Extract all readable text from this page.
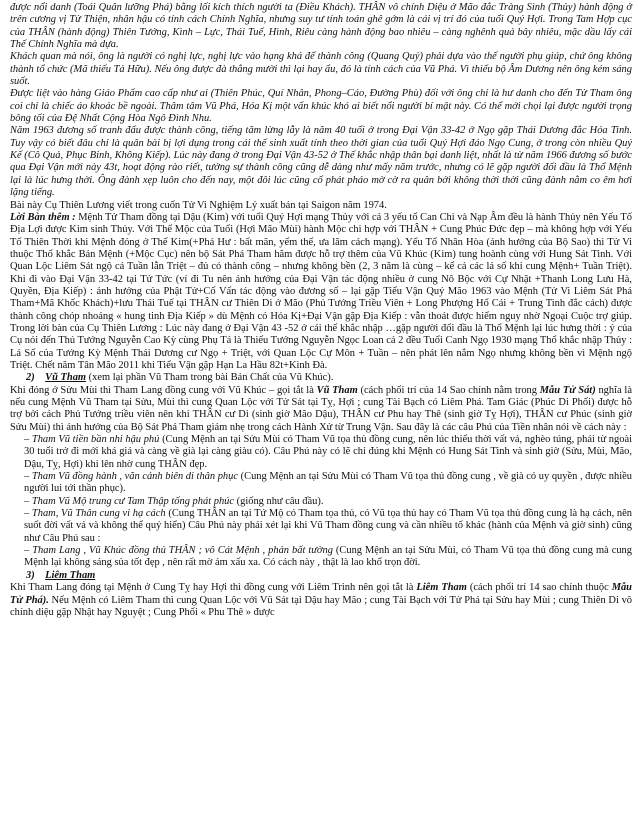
được nổi danh (Toái Quân lưỡng Phá) bằng lối kích thích người ta (Điều Khách). THÂN vô chính Diệu ở Mão đắc Tràng Sinh (Thủy) hành động ở trên cương vị Tử Thiện, nhân hậu có tính cách Chính Nghĩa, nhưng suy tư tính toán ghê gớm là cái vị trí đó của tuổi Quý Hợi. Trong Tam Hợp cục của THÂN (hành động) Thiên Tướng, Kình – Lực, Thái Tuế, Hình, Riêu càng hành động bao nhiêu – càng nghênh quả bây nhiêu, mặc dầu lấy cái Thế Chính Nghĩa mà dựa.

Khách quan mà nói, ông là người có nghị lực, nghị lực vào hạng khá để thành công (Quang Quý) phải dựa vào thế người phụ giúp, chứ ông không thành tổ chức (Mã thiếu Tả Hữu). Nếu ông được đà thẳng mười thì lại hay ẩu, đó là tính cách của Vũ Phá. Vì thiếu bộ Âm Dương nên ông kém sáng suốt.

Được liệt vào hàng Giáo Phẩm cao cấp như ai (Thiên Phúc, Quí Nhân, Phong–Cáo, Đường Phù) đối với ông chỉ là hư danh cho đến Tử Tham ông coi chỉ là chiếc áo khoác bề ngoài. Thâm tâm Vũ Phá, Hóa Kị một vấn khúc khó ai biết nổi người bí mật này. Có thể mới chọi lại được người trọng bông tối của Đệ Nhất Cộng Hòa Ngô Đình Nhu.

Năm 1963 đương số tranh đấu được thành công, tiếng tăm lừng lẫy là năm 40 tuổi ở trong Đại Vận 33-42 ở Ngọ gặp Thái Dương đắc Hóa Tinh. Tuy vậy có biết đâu chỉ là quân bài bị lợi dụng trong cái thế sinh xuất tính theo thời gian của tuổi Quý Hợi đáo Ngọ Cung, ở trong còn nhiều Quý Kế (Cô Quả, Phục Binh, Không Kiếp). Lúc này đang ở trong Đại Vận 43-52 ở Thế khắc nhập thân bại danh liệt, nhất là từ năm 1966 đương số bước qua Đại Vận mới này 43t, hoạt động rào riết, tưởng sự thành công cũng dễ dàng như mấy năm trước, nhưng có lẽ gặp người đối đầu là Thổ Mệnh lại là lúc hưng thời. Ông đành xẹp luôn cho đến nay, một đôi lúc cũng cố phát pháo mờ cờ ra quân bởi không thời thời cũng đành nằm co êm hơi lặng tiếng.

Bài này Cụ Thiên Lương viết trong cuốn Tử Vi Nghiệm Lý xuất bản tại Saigon năm 1974.

Lời Bàn thêm : Mệnh Tử Tham đồng tại Dậu (Kim) với tuổi Quý Hợi mạng Thủy với cả 3 yếu tố Can Chi và Nạp Âm đều là hành Thủy nên Yếu Tố Địa Lợi được Kim sinh Thủy. Với Thế Mộc của Tuổi (Hợi Mão Mùi) hành Mộc chi hợp với THÂN + Cung Phúc Đức đẹp – mà không hợp với Yếu Tố Thiên Thời khi Mệnh đóng ở Thế Kim(+Phá Hư : bất mãn, yếm thế, ưa lăm cách mạng). Yếu Tố Nhân Hòa (ảnh hưởng của Bộ Sao) thì Tử Vi thuộc Thổ khắc Bản Mệnh (+Mộc Cục) nên bộ Sát Phá Tham hăm được hỗ trợ thêm của Vũ Khúc (Kim) tung hoành cùng với Hung Sát Tinh. Với Quan Lộc Liêm Sát ngộ cả Tuần lẫn Triệt – đủ có thành công – nhưng không bền (2, 3 năm là cùng – kể cả các lá số khi cung Mệnh+ Tuần Triệt). Khi đi vào Đại Vận 33-42 tại Tử Tức (ví đi Tu nên ảnh hưởng của Đại Vận tác động nhiều ở cung Nô Bộc với Cự Nhật +Thanh Long Lưu Hà, Quyền, Địa Kiếp) : ảnh hưởng của Phật Tử+Cố Vấn tác động vào đương số – lại gặp Tiểu Vận Quý Mão 1963 vào Mệnh (Tử Vi Liêm Sát Phá Tham+Mã Khốc Khách)+lưu Thái Tuế tại THÂN cư Thiên Di ở Mão (Phủ Tướng Triều Viên + Long Phượng Hổ Cái + Trung Tinh đắc cách) được thành công chóp nhoáng « hung tinh Địa Kiếp » dù Mệnh có Hóa Kị+Đại Vận gặp Địa Kiếp : vẫn thoát được hiểm nguy nhờ Ngoại Cuộc trợ giúp. Trong lời bàn của Cụ Thiên Lương : Lúc này đang ở Đại Vận 43 -52 ở cái thế khắc nhập …gặp người đối đầu là Thổ Mệnh lại lúc hưng thời : ý của Cụ nói đến Thủ Tướng Nguyễn Cao Kỳ cùng Phụ Tá là Thiếu Tướng Nguyễn Ngọc Loan cả 2 đều Tuổi Canh Ngọ 1930 mạng Thổ khắc nhập Thủy : Lá Số của Tướng Kỳ Mệnh Thái Dương cư Ngọ + Triệt, với Quan Lộc Cự Môn + Tuần – nên phát lên nắm Ngọ nhưng không bền vì Mệnh ngộ Triệt. Chết năm Tân Mão 2011 khi Tiểu Vận gặp Hạn La Hầu 82t+Kình Đà.

2) Vũ Tham (xem lại phần Vũ Tham trong bài Bản Chất của Vũ Khúc).

Khi đóng ở Sửu Mùi thì Tham Lang đồng cung với Vũ Khúc – gọi tắt là Vũ Tham (cách phối trí của 14 Sao chính nằm trong Mẫu Tử Sát) nghĩa là nếu cung Mệnh Vũ Tham tại Sửu, Mùi thì cung Quan Lộc với Tử Sát tại Tỵ, Hợi ; cung Tài Bạch có Liêm Phá. Tam Giác (Phúc Di Phối) được hỗ trợ bởi cách Phủ Tướng triều viên nên khi THÂN cư Di (sinh giờ Mão Dậu), THÂN cư Phu hay Thê (sinh giờ Tỵ Hợi), THÂN cư Phúc (sinh giờ Sửu Mùi) thì ảnh hưởng của Bộ Sát Phá Tham giảm nhẹ trong cách Hành Xử từ Trung Vận. Sau đây là các câu Phú của Tiền nhân nói về cách này :

– Tham Vũ tiền bần nhi hậu phú (Cung Mệnh an tại Sửu Mùi có Tham Vũ tọa thủ đồng cung, nên lúc thiếu thời vất vả, nghèo túng, phải từ ngoài 30 tuổi trở đi mới khá giả và càng về già lại càng giàu có). Câu Phú này có lẽ chỉ đúng khi Mệnh có Hung Sát Tinh và sinh giờ (Sửu, Mùi, Mão, Dậu, Tỵ, Hợi) khi lên nhờ cung THÂN đẹp.

– Tham Vũ đồng hành , vãn cảnh biên di thân phục (Cung Mệnh an tại Sửu Mùi có Tham Vũ tọa thủ đồng cung , về già có uy quyền , được nhiều người lui tới thần phục).

– Tham Vũ Mộ trung cư Tam Thập tống phát phúc (giống như câu đầu).

– Tham, Vũ Thân cung vi hạ cách (Cung THÂN an tại Tứ Mộ có Tham tọa thủ, có Vũ tọa thủ hay có Tham Vũ tọa thủ đồng cung là hạ cách, nên suốt đời vất vả và không thể quý hiển) Câu Phú này phải xét lại khi Vũ Tham đồng cung và cần nhiều tố khác (hành của Mệnh và giờ sinh) cũng như Câu Phú sau :

– Tham Lang , Vũ Khúc đồng thủ THÂN ; vô Cát Mệnh , phản bất tường (Cung Mệnh an tại Sửu Mùi, có Tham Vũ tọa thủ đồng cung mà cung Mệnh lại không sáng sủa tốt đẹp , nên rất mờ ám xấu xa. Có cách này , thật là lao khổ trọn đời.

3) Liêm Tham

Khi Tham Lang đóng tại Mệnh ở Cung Tỵ hay Hợi thì đồng cung với Liêm Trinh nên gọi tắt là Liêm Tham (cách phối trí 14 sao chính thuộc Mẫu Tử Phá). Nếu Mệnh có Liêm Tham thì cung Quan Lộc với Vũ Sát tại Dậu hay Mão ; cung Tài Bạch với Tử Phá tại Sửu hay Mùi ; cung Thiên Di vô chính diệu gặp Nhật hay Nguyệt ; Cung Phối « Phu Thê » được
